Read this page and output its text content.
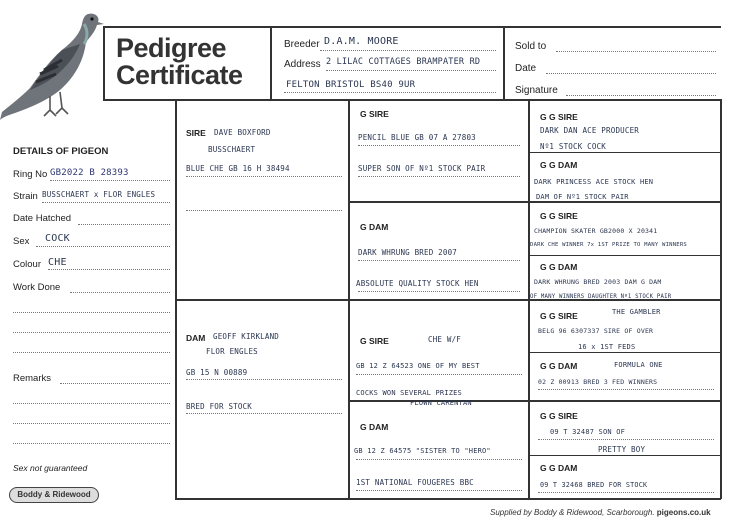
Pedigree
Certificate
Breeder D.A.M. MOORE
Address 2 LILAC COTTAGES BRAMPATER RD
FELTON BRISTOL BS40 9UR
Sold to
Date
Signature
DETAILS OF PIGEON
Ring No GB2022 B 28393
Strain BUSSCHAERT x FLOR ENGLES
Date Hatched
Sex COCK
Colour CHE
Work Done
Remarks
Sex not guaranteed
Boddy & Ridewood
SIRE DAVE BOXFORD
BUSSCHAERT
BLUE CHE GB 16 H 38494
DAM GEOFF KIRKLAND
FLOR ENGLES
GB 15 N 00889
BRED FOR STOCK
G SIRE
PENCIL BLUE GB 07 A 27803
SUPER SON OF Nº1 STOCK PAIR
G DAM
DARK WHRUNG BRED 2007
ABSOLUTE QUALITY STOCK HEN
G SIRE	CHE W/F
GB 12 Z 64523 ONE OF MY BEST
COCKS WON SEVERAL PRIZES
FLOWN CARENTAN
G DAM
GB 12 Z 64575 "SISTER TO "HERO"
1ST NATIONAL FOUGERES BBC
G G SIRE
DARK DAN ACE PRODUCER
Nº1 STOCK COCK
G G DAM
DARK PRINCESS ACE STOCK HEN
DAM OF Nº1 STOCK PAIR
G G SIRE
CHAMPION SKATER GB2000 X 20341
DARK CHE WINNER 7x 1ST PRIZE TO MANY WINNERS
G G DAM
DARK WHRUNG BRED 2003 DAM G DAM
OF MANY WINNERS DAUGHTER Nº1 STOCK PAIR
G G SIRE	THE GAMBLER
BELG 96 6307337 SIRE OF OVER
16 x 1ST FEDS
G G DAM	FORMULA ONE
02 Z 00913 BRED 3 FED WINNERS
G G SIRE
09 T 32487 SON OF
PRETTY BOY
G G DAM
09 T 32468 BRED FOR STOCK
Supplied by Boddy & Ridewood, Scarborough. pigeons.co.uk
